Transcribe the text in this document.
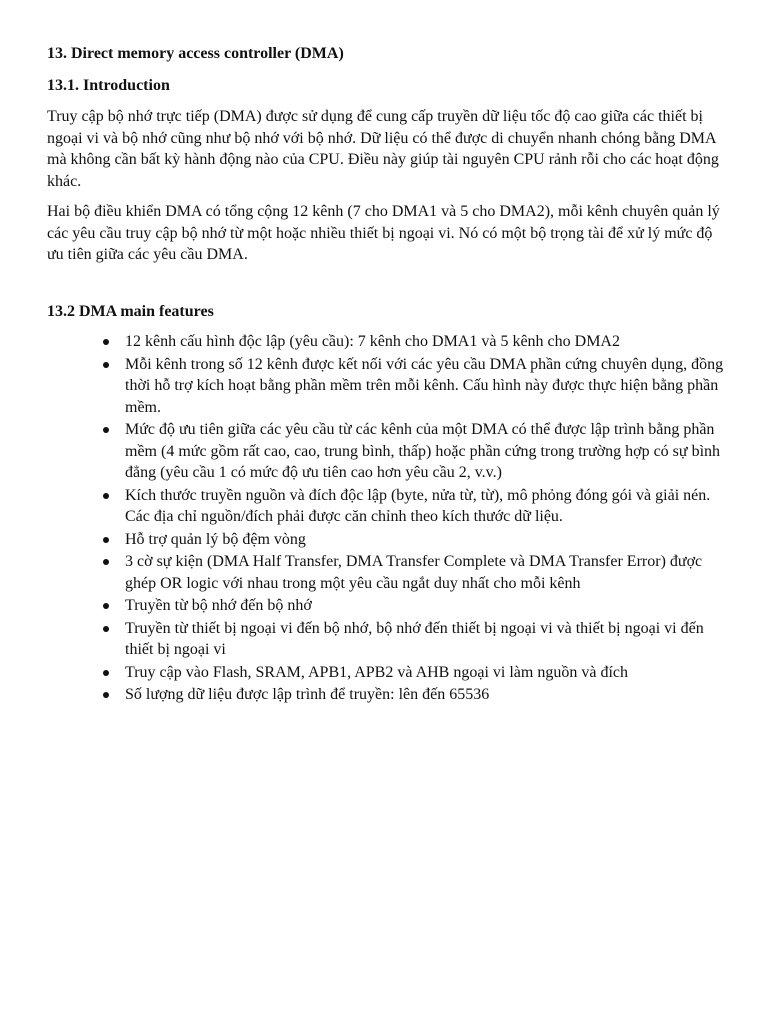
13. Direct memory access controller (DMA)
13.1. Introduction

Truy cập bộ nhớ trực tiếp (DMA) được sử dụng để cung cấp truyền dữ liệu tốc độ cao giữa các thiết bị ngoại vi và bộ nhớ cũng như bộ nhớ với bộ nhớ. Dữ liệu có thể được di chuyển nhanh chóng bằng DMA mà không cần bất kỳ hành động nào của CPU. Điều này giúp tài nguyên CPU rảnh rỗi cho các hoạt động khác.

Hai bộ điều khiển DMA có tổng cộng 12 kênh (7 cho DMA1 và 5 cho DMA2), mỗi kênh chuyên quản lý các yêu cầu truy cập bộ nhớ từ một hoặc nhiều thiết bị ngoại vi. Nó có một bộ trọng tài để xử lý mức độ ưu tiên giữa các yêu cầu DMA.

13.2 DMA main features
12 kênh cấu hình độc lập (yêu cầu): 7 kênh cho DMA1 và 5 kênh cho DMA2
Mỗi kênh trong số 12 kênh được kết nối với các yêu cầu DMA phần cứng chuyên dụng, đồng thời hỗ trợ kích hoạt bằng phần mềm trên mỗi kênh. Cấu hình này được thực hiện bằng phần mềm.
Mức độ ưu tiên giữa các yêu cầu từ các kênh của một DMA có thể được lập trình bằng phần mềm (4 mức gồm rất cao, cao, trung bình, thấp) hoặc phần cứng trong trường hợp có sự bình đẳng (yêu cầu 1 có mức độ ưu tiên cao hơn yêu cầu 2, v.v.)
Kích thước truyền nguồn và đích độc lập (byte, nửa từ, từ), mô phỏng đóng gói và giải nén. Các địa chỉ nguồn/đích phải được căn chỉnh theo kích thước dữ liệu.
Hỗ trợ quản lý bộ đệm vòng
3 cờ sự kiện (DMA Half Transfer, DMA Transfer Complete và DMA Transfer Error) được ghép OR logic với nhau trong một yêu cầu ngắt duy nhất cho mỗi kênh
Truyền từ bộ nhớ đến bộ nhớ
Truyền từ thiết bị ngoại vi đến bộ nhớ, bộ nhớ đến thiết bị ngoại vi và thiết bị ngoại vi đến thiết bị ngoại vi
Truy cập vào Flash, SRAM, APB1, APB2 và AHB ngoại vi làm nguồn và đích
Số lượng dữ liệu được lập trình để truyền: lên đến 65536
